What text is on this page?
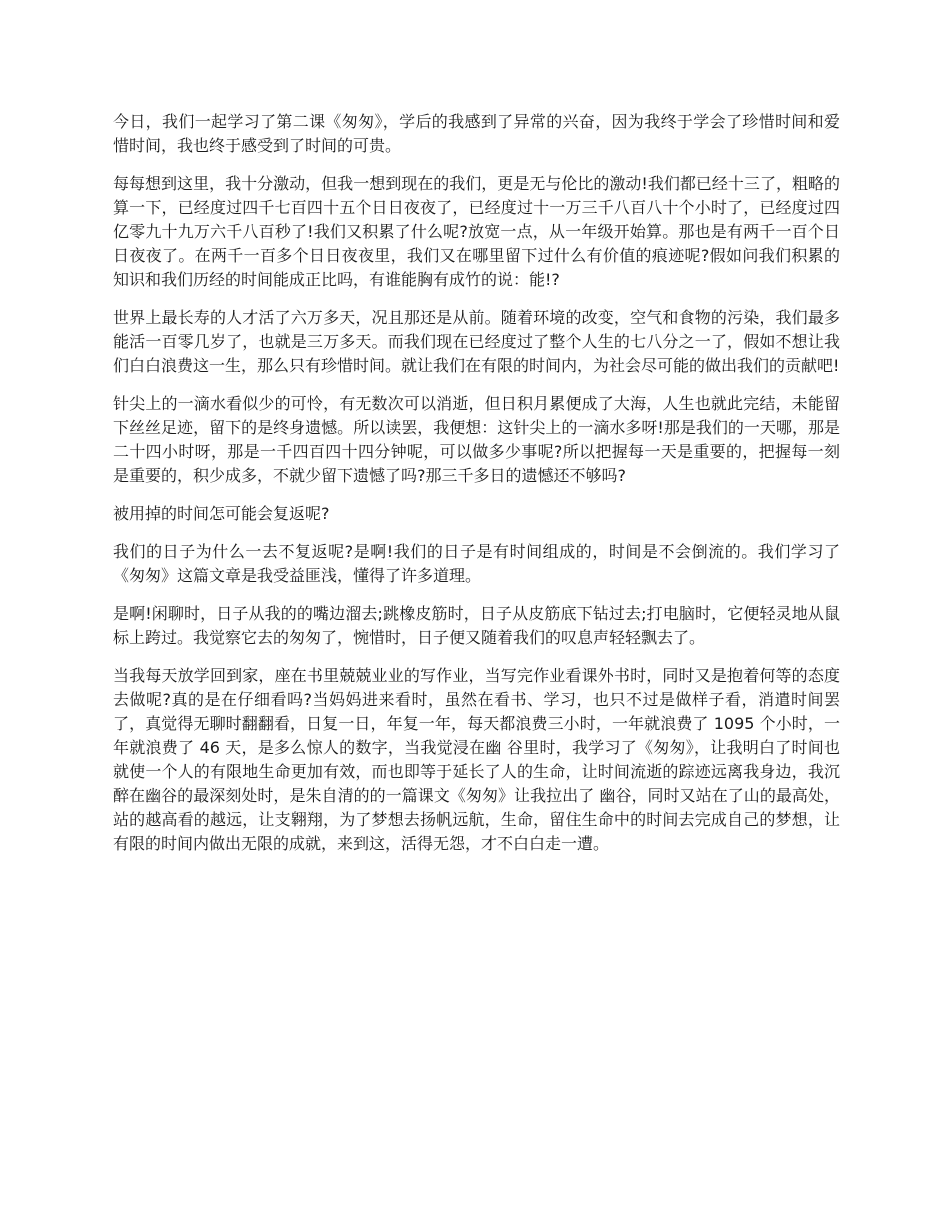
今日，我们一起学习了第二课《匆匆》，学后的我感到了异常的兴奋，因为我终于学会了珍惜时间和爱惜时间，我也终于感受到了时间的可贵。

每每想到这里，我十分激动，但我一想到现在的我们，更是无与伦比的激动!我们都已经十三了，粗略的算一下，已经度过四千七百四十五个日日夜夜了，已经度过十一万三千八百八十个小时了，已经度过四亿零九十九万六千八百秒了!我们又积累了什么呢?放宽一点，从一年级开始算。那也是有两千一百个日日夜夜了。在两千一百多个日日夜夜里，我们又在哪里留下过什么有价值的痕迹呢?假如问我们积累的知识和我们历经的时间能成正比吗，有谁能胸有成竹的说：能!?

世界上最长寿的人才活了六万多天，况且那还是从前。随着环境的改变，空气和食物的污染，我们最多能活一百零几岁了，也就是三万多天。而我们现在已经度过了整个人生的七八分之一了，假如不想让我们白白浪费这一生，那么只有珍惜时间。就让我们在有限的时间内，为社会尽可能的做出我们的贡献吧!

针尖上的一滴水看似少的可怜，有无数次可以消逝，但日积月累便成了大海，人生也就此完结，未能留下丝丝足迹，留下的是终身遗憾。所以读罢，我便想：这针尖上的一滴水多呀!那是我们的一天哪，那是二十四小时呀，那是一千四百四十四分钟呢，可以做多少事呢?所以把握每一天是重要的，把握每一刻是重要的，积少成多，不就少留下遗憾了吗?那三千多日的遗憾还不够吗?

被用掉的时间怎可能会复返呢?

我们的日子为什么一去不复返呢?是啊!我们的日子是有时间组成的，时间是不会倒流的。我们学习了《匆匆》这篇文章是我受益匪浅，懂得了许多道理。

是啊!闲聊时，日子从我的的嘴边溜去;跳橡皮筋时，日子从皮筋底下钻过去;打电脑时，它便轻灵地从鼠标上跨过。我觉察它去的匆匆了，惋惜时，日子便又随着我们的叹息声轻轻飘去了。

当我每天放学回到家，座在书里兢兢业业的写作业，当写完作业看课外书时，同时又是抱着何等的态度去做呢?真的是在仔细看吗?当妈妈进来看时，虽然在看书、学习，也只不过是做样子看，消遣时间罢了，真觉得无聊时翻翻看，日复一日，年复一年，每天都浪费三小时，一年就浪费了 1095 个小时，一年就浪费了 46 天，是多么惊人的数字，当我觉浸在幽 谷里时，我学习了《匆匆》，让我明白了时间也就使一个人的有限地生命更加有效，而也即等于延长了人的生命，让时间流逝的踪迹远离我身边，我沉醉在幽谷的最深刻处时，是朱自清的的一篇课文《匆匆》让我拉出了 幽谷，同时又站在了山的最高处，站的越高看的越远，让支翱翔，为了梦想去扬帆远航，生命，留住生命中的时间去完成自己的梦想，让有限的时间内做出无限的成就，来到这，活得无怨，才不白白走一遭。
